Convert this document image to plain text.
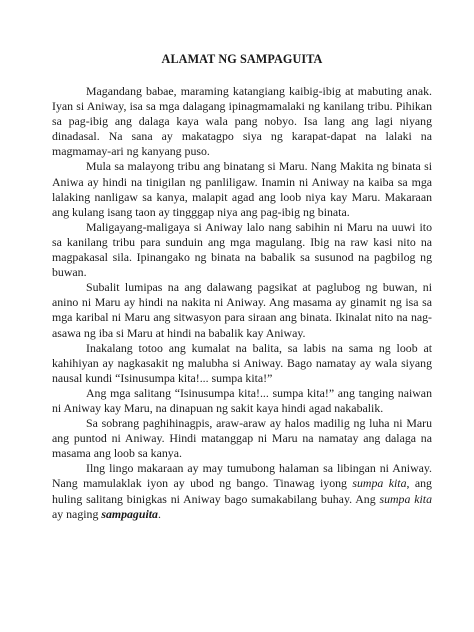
ALAMAT NG SAMPAGUITA

Magandang babae, maraming katangiang kaibig-ibig at mabuting anak. Iyan si Aniway, isa sa mga dalagang ipinagmamalaki ng kanilang tribu. Pihikan sa pag-ibig ang dalaga kaya wala pang nobyo. Isa lang ang lagi niyang dinadasal. Na sana ay makatagpo siya ng karapat-dapat na lalaki na magmamay-ari ng kanyang puso.

Mula sa malayong tribu ang binatang si Maru. Nang Makita ng binata si Aniwa ay hindi na tinigilan ng panliligaw. Inamin ni Aniway na kaiba sa mga lalaking nanligaw sa kanya, malapit agad ang loob niya kay Maru. Makaraan ang kulang isang taon ay tingggap niya ang pag-ibig ng binata.

Maligayang-maligaya si Aniway lalo nang sabihin ni Maru na uuwi ito sa kanilang tribu para sunduin ang mga magulang. Ibig na raw kasi nito na magpakasal sila. Ipinangako ng binata na babalik sa susunod na pagbilog ng buwan.

Subalit lumipas na ang dalawang pagsikat at paglubog ng buwan, ni anino ni Maru ay hindi na nakita ni Aniway. Ang masama ay ginamit ng isa sa mga karibal ni Maru ang sitwasyon para siraan ang binata. Ikinalat nito na nag-asawa ng iba si Maru at hindi na babalik kay Aniway.

Inakalang totoo ang kumalat na balita, sa labis na sama ng loob at kahihiyan ay nagkasakit ng malubha si Aniway. Bago namatay ay wala siyang nausal kundi “Isinusumpa kita!... sumpa kita!”

Ang mga salitang “Isinusumpa kita!... sumpa kita!” ang tanging naiwan ni Aniway kay Maru, na dinapuan ng sakit kaya hindi agad nakabalik.

Sa sobrang paghihinagpis, araw-araw ay halos madilig ng luha ni Maru ang puntod ni Aniway. Hindi matanggap ni Maru na namatay ang dalaga na masama ang loob sa kanya.

Ilng lingo makaraan ay may tumubong halaman sa libingan ni Aniway. Nang mamulaklak iyon ay ubod ng bango. Tinawag iyong sumpa kita, ang huling salitang binigkas ni Aniway bago sumakabilang buhay. Ang sumpa kita ay naging sampaguita.
